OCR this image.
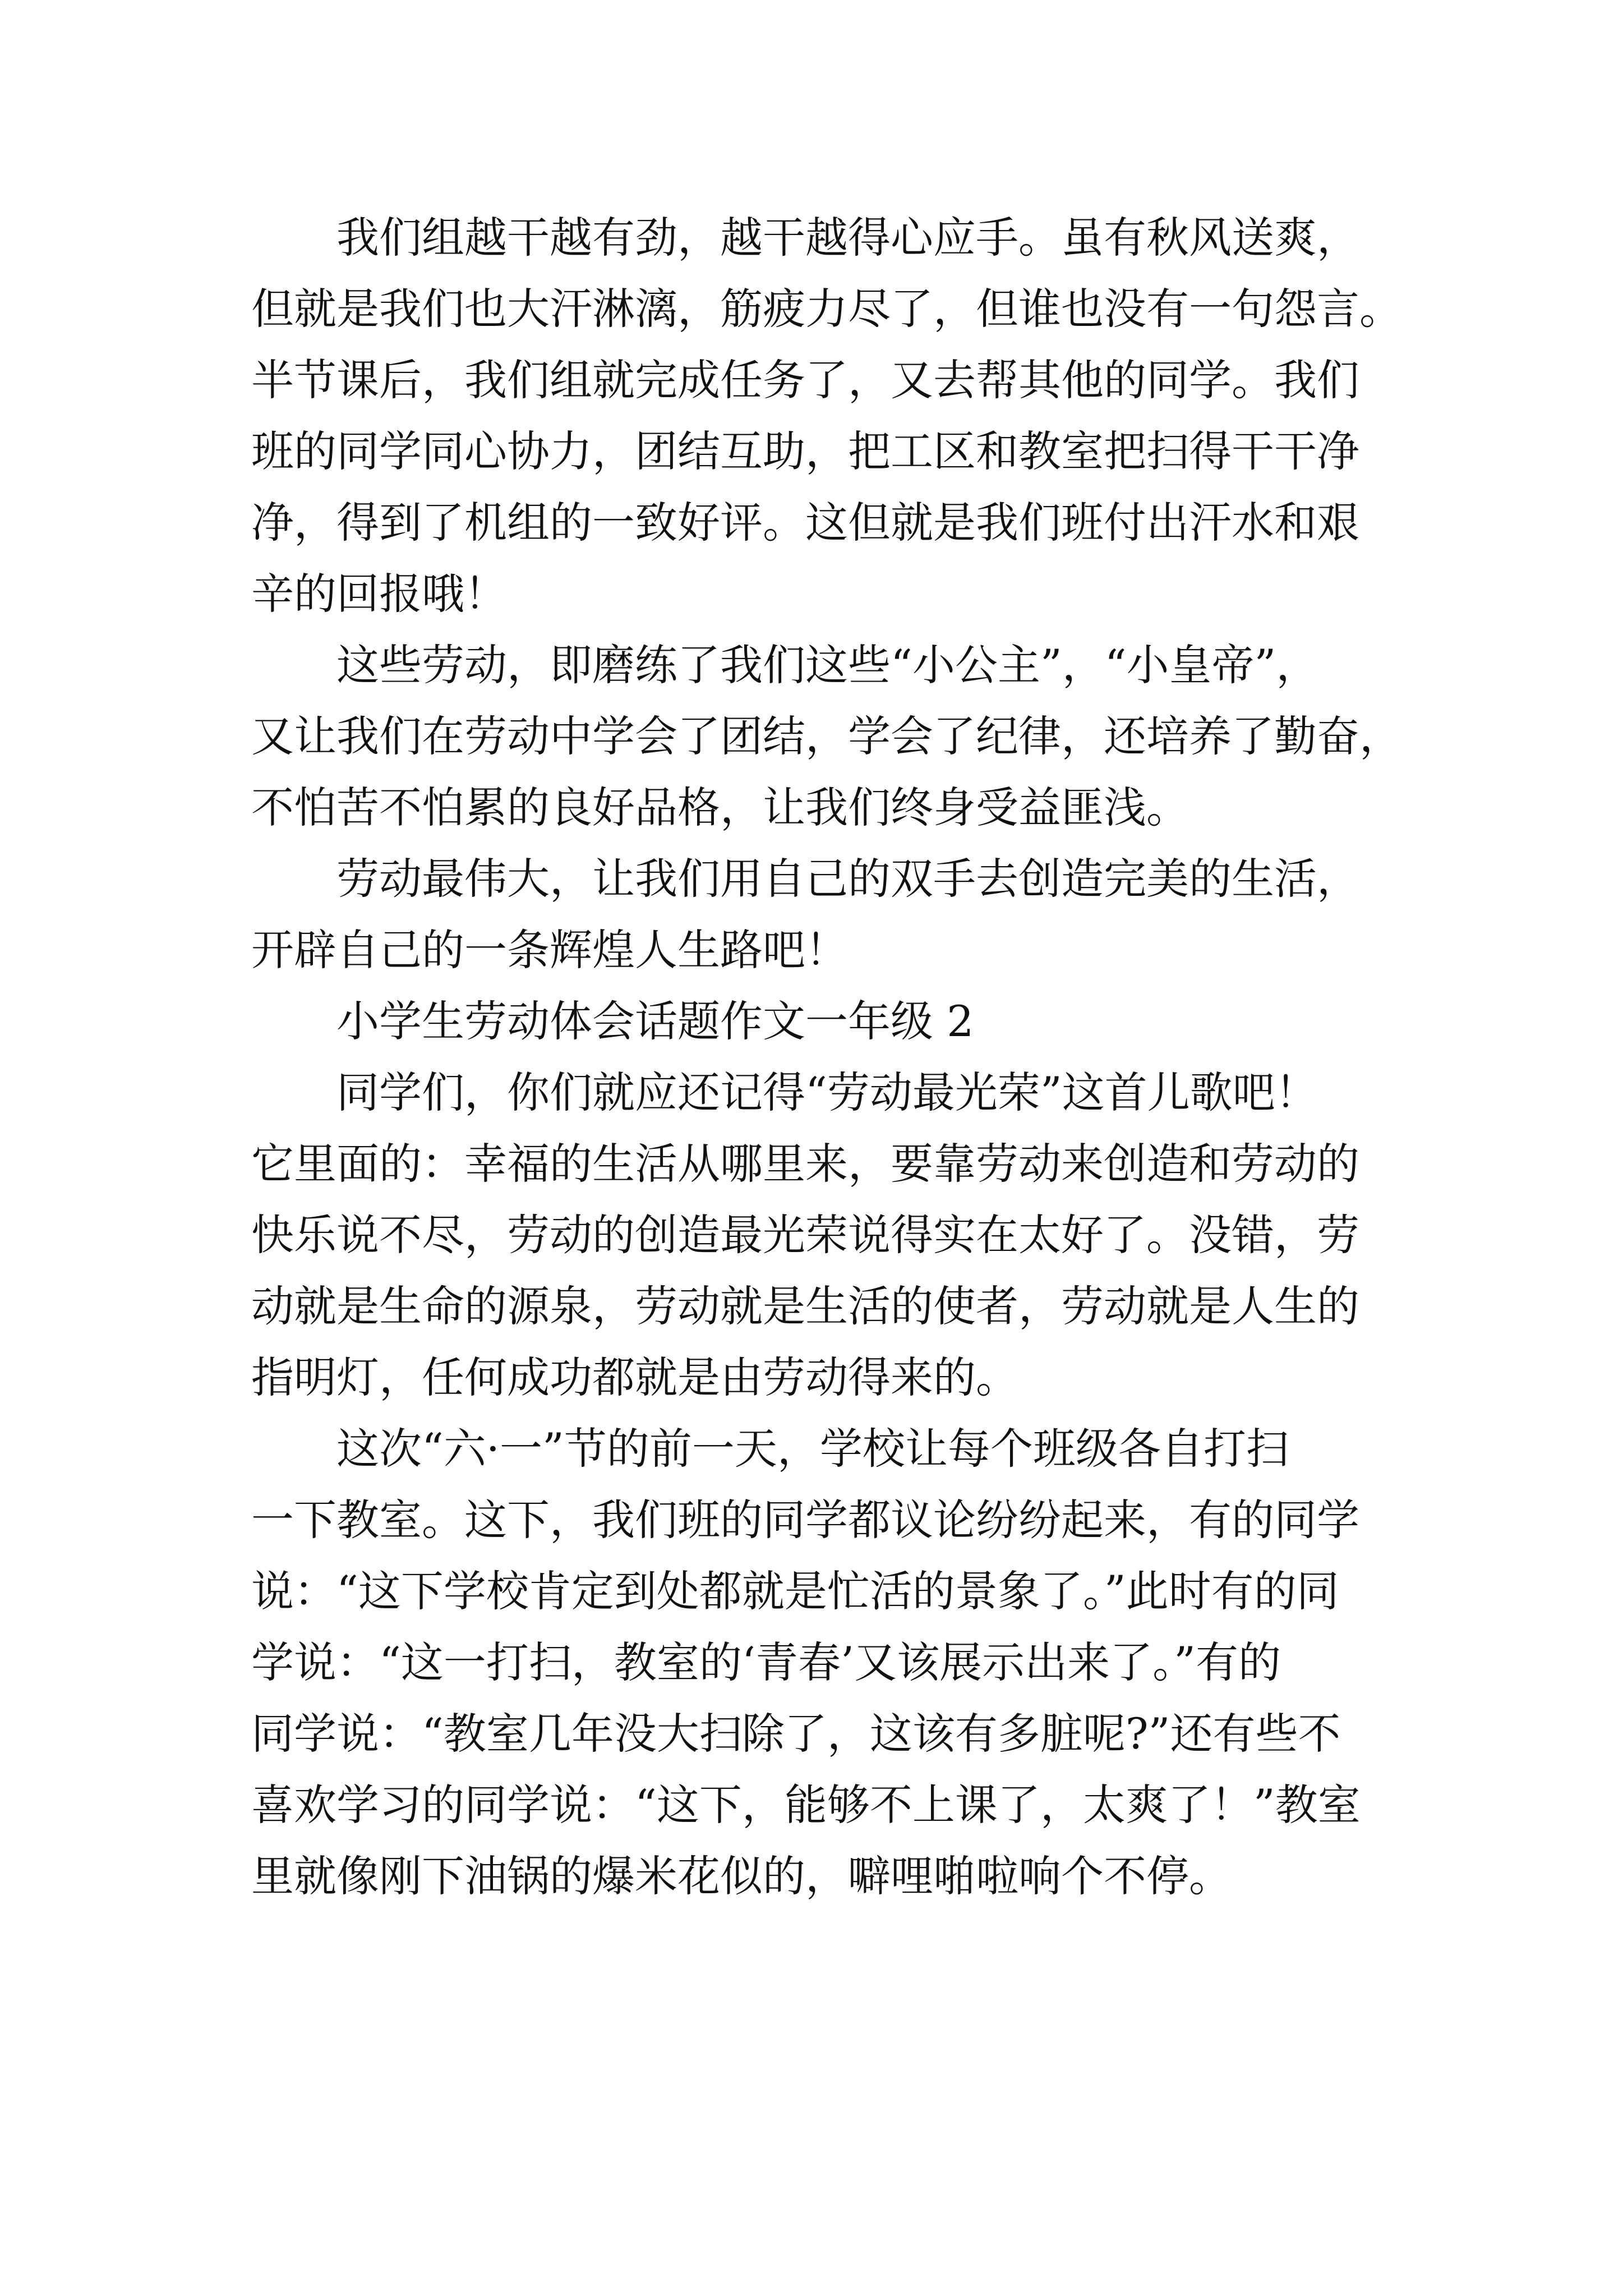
我们组越干越有劲，越干越得心应手。虽有秋风送爽，
但就是我们也大汗淋漓，筋疲力尽了，但谁也没有一句怨言。
半节课后，我们组就完成任务了，又去帮其他的同学。我们
班的同学同心协力，团结互助，把工区和教室把扫得干干净
净，得到了机组的一致好评。这但就是我们班付出汗水和艰
辛的回报哦！
这些劳动，即磨练了我们这些“小公主”，“小皇帝”，
又让我们在劳动中学会了团结，学会了纪律，还培养了勤奋，
不怕苦不怕累的良好品格，让我们终身受益匪浅。
劳动最伟大，让我们用自己的双手去创造完美的生活，
开辟自己的一条辉煌人生路吧！
小学生劳动体会话题作文一年级 2
同学们，你们就应还记得“劳动最光荣”这首儿歌吧！
它里面的：幸福的生活从哪里来，要靠劳动来创造和劳动的
快乐说不尽，劳动的创造最光荣说得实在太好了。没错，劳
动就是生命的源泉，劳动就是生活的使者，劳动就是人生的
指明灯，任何成功都就是由劳动得来的。
这次“六·一”节的前一天，学校让每个班级各自打扫
一下教室。这下，我们班的同学都议论纷纷起来，有的同学
说：“这下学校肯定到处都就是忙活的景象了。”此时有的同
学说：“这一打扫，教室的‘青春’又该展示出来了。”有的
同学说：“教室几年没大扫除了，这该有多脏呢?”还有些不
喜欢学习的同学说：“这下，能够不上课了，太爽了！”教室
里就像刚下油锅的爆米花似的，噼哩啪啦响个不停。
